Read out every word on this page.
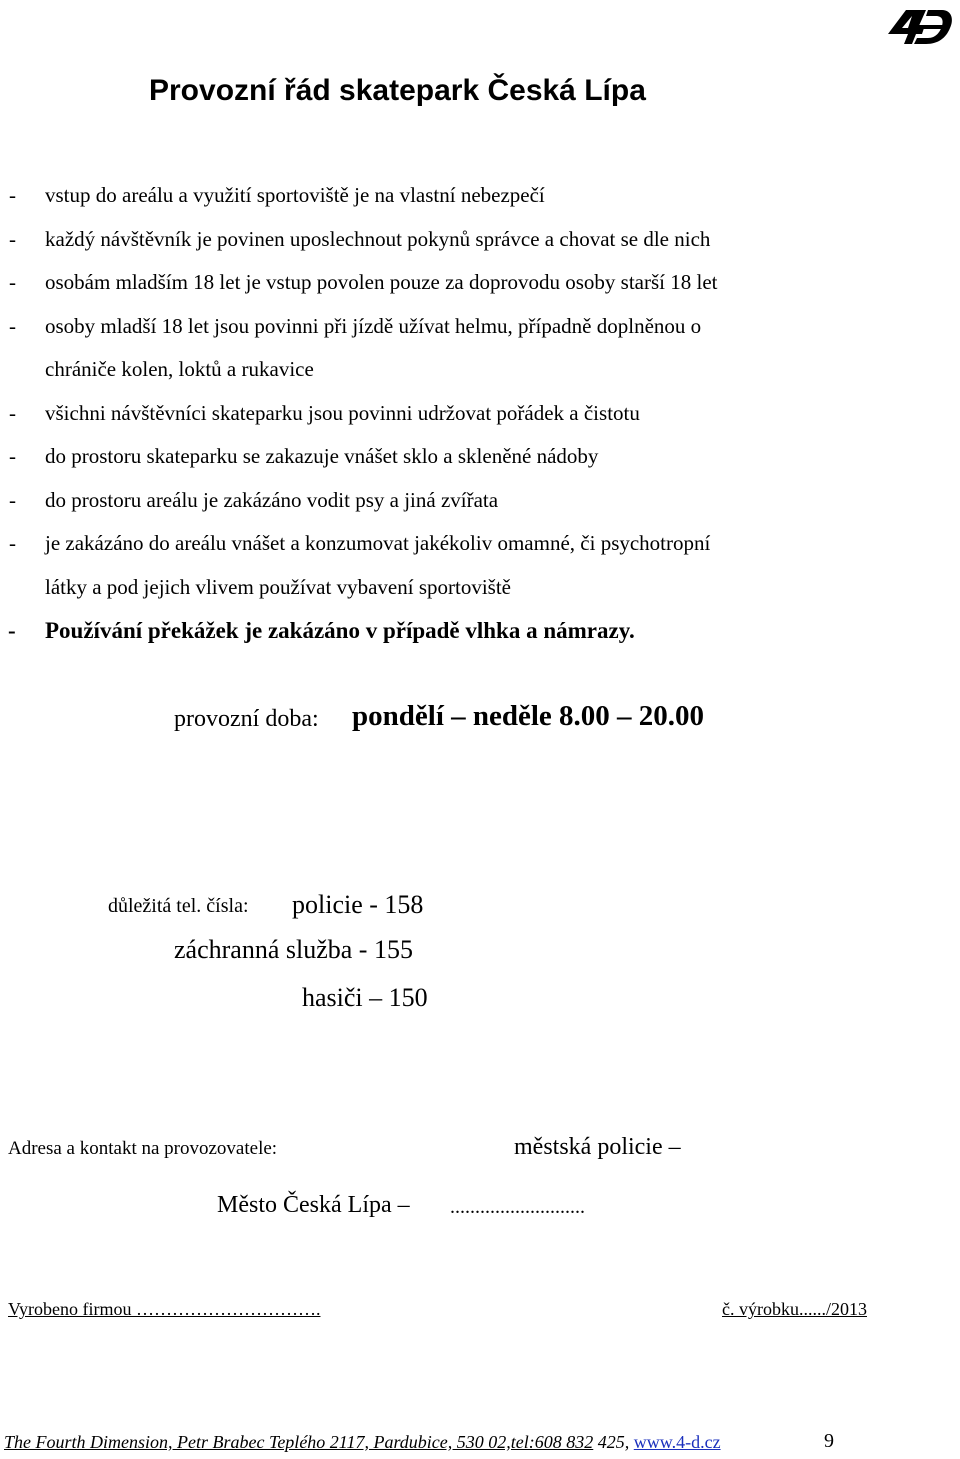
Provozní řád skatepark Česká Lípa
- vstup do areálu a využití sportoviště je na vlastní nebezpečí
- každý návštěvník je povinen uposlechnout pokynů správce a chovat se dle nich
- osobám mladším 18 let je vstup povolen pouze za doprovodu osoby starší 18 let
- osoby mladší 18 let jsou povinni při jízdě užívat helmu, případně doplněnou o
chrániče kolen, loktů a rukavice
- všichni návštěvníci skateparku jsou povinni udržovat pořádek a čistotu
- do prostoru skateparku se zakazuje vnášet sklo a skleněné nádoby
- do prostoru areálu je zakázáno vodit psy a jiná zvířata
- je zakázáno do areálu vnášet a konzumovat jakékoliv omamné, či psychotropní
látky a pod jejich vlivem používat vybavení sportoviště
- Používání překážek je zakázáno v případě vlhka a námrazy.
provozní doba: pondělí – neděle 8.00 – 20.00
důležitá tel. čísla: policie - 158
záchranná služba - 155
hasiči – 150
Adresa a kontakt na provozovatele:	městská policie –
Město Česká Lípa – ...........................
Vyrobeno firmou ………………………….	č. výrobku....../2013
The Fourth Dimension, Petr Brabec Teplého 2117, Pardubice, 530 02,tel:608 832 425, www.4-d.cz	9
